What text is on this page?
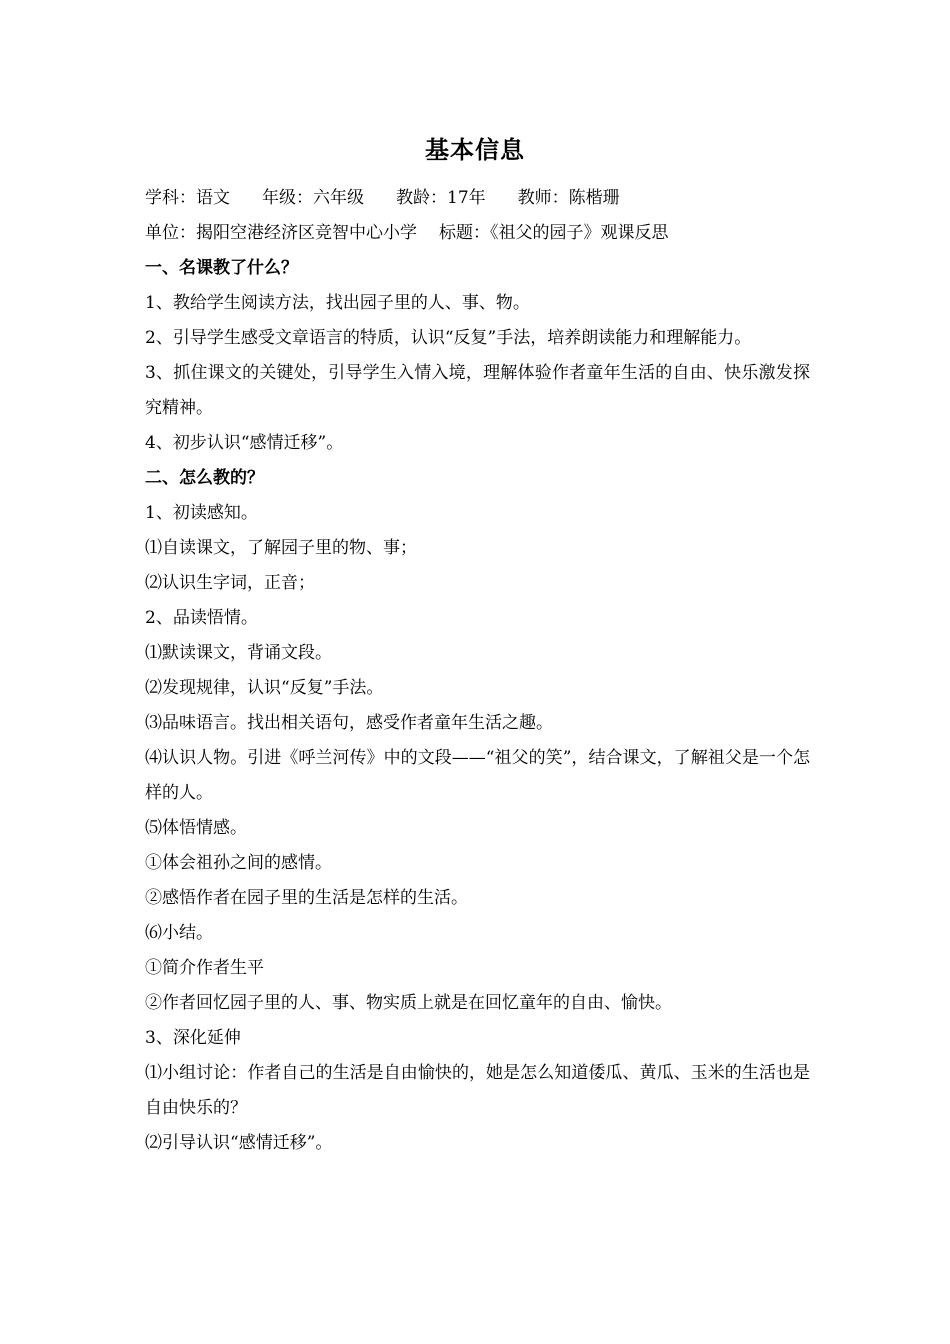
基本信息
学科：语文 年级：六年级 教龄：17年 教师：陈楷珊
单位：揭阳空港经济区竞智中心小学 标题：《祖父的园子》观课反思
一、名课教了什么？
1、教给学生阅读方法，找出园子里的人、事、物。
2、引导学生感受文章语言的特质，认识“反复”手法，培养朗读能力和理解能力。
3、抓住课文的关键处，引导学生入情入境，理解体验作者童年生活的自由、快乐激发探究精神。
4、初步认识“感情迁移”。
二、怎么教的？
1、初读感知。
⑴自读课文，了解园子里的物、事；
⑵认识生字词，正音；
2、品读悟情。
⑴默读课文，背诵文段。
⑵发现规律，认识“反复”手法。
⑶品味语言。找出相关语句，感受作者童年生活之趣。
⑷认识人物。引进《呼兰河传》中的文段——“祖父的笑”，结合课文，了解祖父是一个怎样的人。
⑸体悟情感。
①体会祖孙之间的感情。
②感悟作者在园子里的生活是怎样的生活。
⑹小结。
①简介作者生平
②作者回忆园子里的人、事、物实质上就是在回忆童年的自由、愉快。
3、深化延伸
⑴小组讨论：作者自己的生活是自由愉快的，她是怎么知道倭瓜、黄瓜、玉米的生活也是自由快乐的？
⑵引导认识“感情迁移”。
